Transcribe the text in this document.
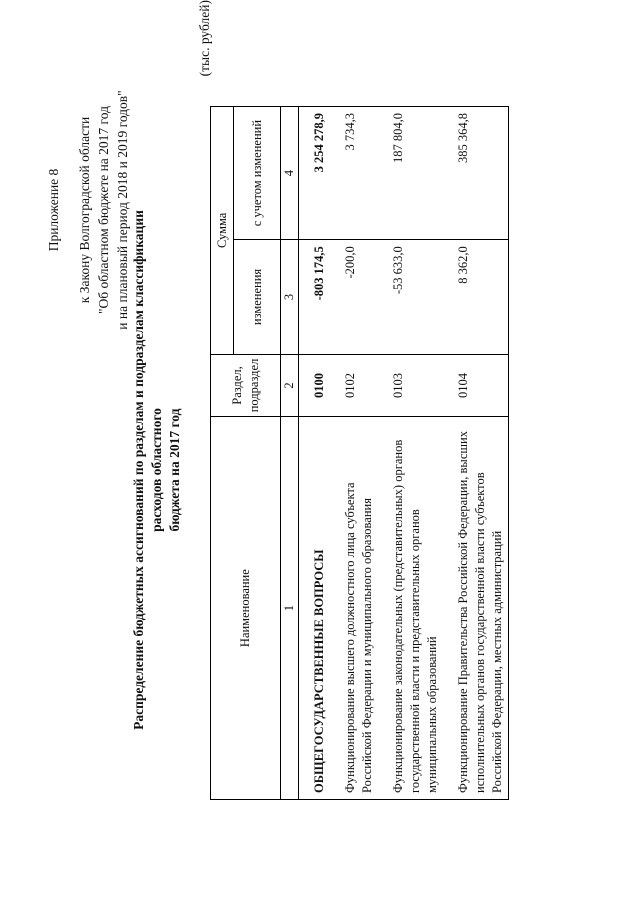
Приложение 8 к Закону Волгоградской области "Об областном бюджете на 2017 год и на плановый период 2018 и 2019 годов"
Распределение бюджетных ассигнований по разделам и подразделам классификации расходов областного бюджета на 2017 год
(тыс. рублей)
Наименование	Раздел, подраздел	Сумма	
		изменения	с учетом изменений
1	2	3	4
ОБЩЕГОСУДАРСТВЕННЫЕ ВОПРОСЫ	0100	-803 174,5	3 254 278,9
Функционирование высшего должностного лица субъекта Российской Федерации и муниципального образования	0102	-200,0	3 734,3
Функционирование законодательных (представительных) органов государственной власти и представительных органов муниципальных образований	0103	-53 633,0	187 804,0
Функционирование Правительства Российской Федерации, высших исполнительных органов государственной власти субъектов Российской Федерации, местных администраций	0104	8 362,0	385 364,8
